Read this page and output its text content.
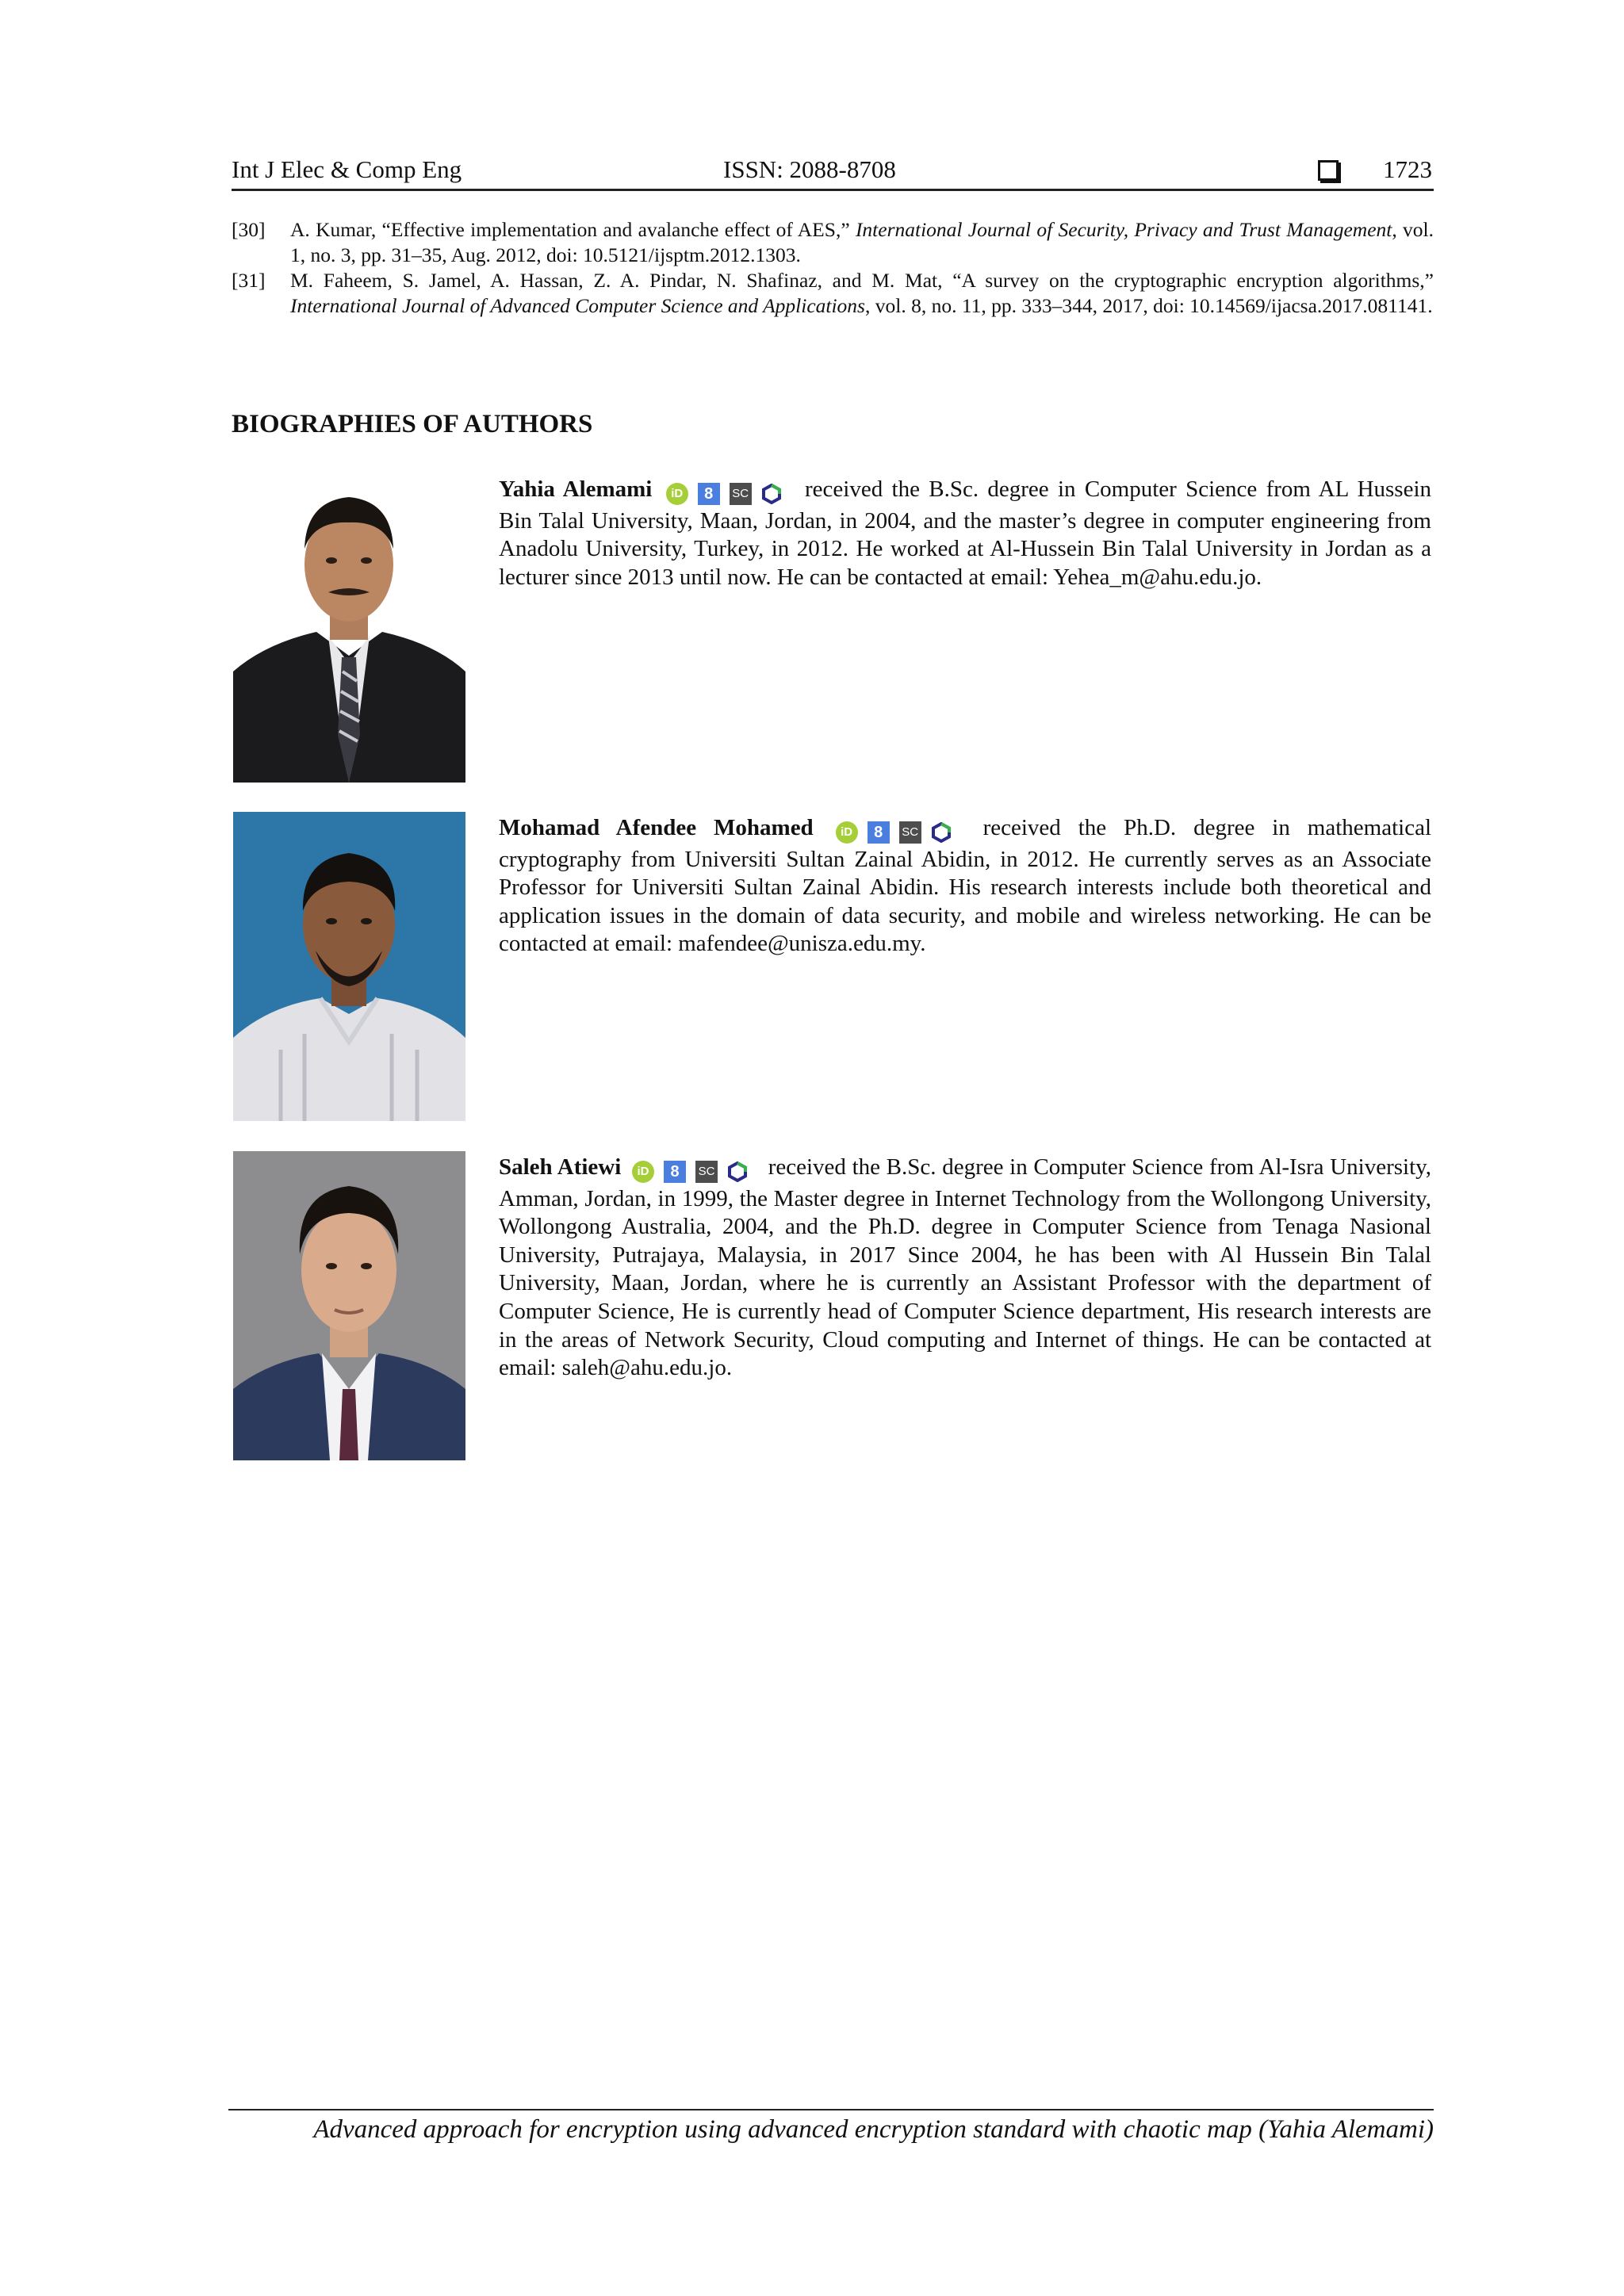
Int J Elec & Comp Eng	ISSN: 2088-8708	1723
[30] A. Kumar, “Effective implementation and avalanche effect of AES,” International Journal of Security, Privacy and Trust Management, vol. 1, no. 3, pp. 31–35, Aug. 2012, doi: 10.5121/ijsptm.2012.1303.
[31] M. Faheem, S. Jamel, A. Hassan, Z. A. Pindar, N. Shafinaz, and M. Mat, “A survey on the cryptographic encryption algorithms,” International Journal of Advanced Computer Science and Applications, vol. 8, no. 11, pp. 333–344, 2017, doi: 10.14569/ijacsa.2017.081141.
BIOGRAPHIES OF AUTHORS
Yahia Alemami iD 8 SC received the B.Sc. degree in Computer Science from AL Hussein Bin Talal University, Maan, Jordan, in 2004, and the master’s degree in computer engineering from Anadolu University, Turkey, in 2012. He worked at Al-Hussein Bin Talal University in Jordan as a lecturer since 2013 until now. He can be contacted at email: Yehea_m@ahu.edu.jo.
Mohamad Afendee Mohamed iD 8 SC	received the Ph.D. degree in mathematical cryptography from Universiti Sultan Zainal Abidin, in 2012. He currently serves as an Associate Professor for Universiti Sultan Zainal Abidin. His research interests include both theoretical and application issues in the domain of data security, and mobile and wireless networking. He can be contacted at email: mafendee@unisza.edu.my.
Saleh Atiewi iD 8 SC received the B.Sc. degree in Computer Science from Al-Isra University, Amman, Jordan, in 1999, the Master degree in Internet Technology from the Wollongong University, Wollongong Australia, 2004, and the Ph.D. degree in Computer Science from Tenaga Nasional University, Putrajaya, Malaysia, in 2017 Since 2004, he has been with Al Hussein Bin Talal University, Maan, Jordan, where he is currently an Assistant Professor with the department of Computer Science, He is currently head of Computer Science department, His research interests are in the areas of Network Security, Cloud computing and Internet of things. He can be contacted at email: saleh@ahu.edu.jo.
Advanced approach for encryption using advanced encryption standard with chaotic map (Yahia Alemami)
